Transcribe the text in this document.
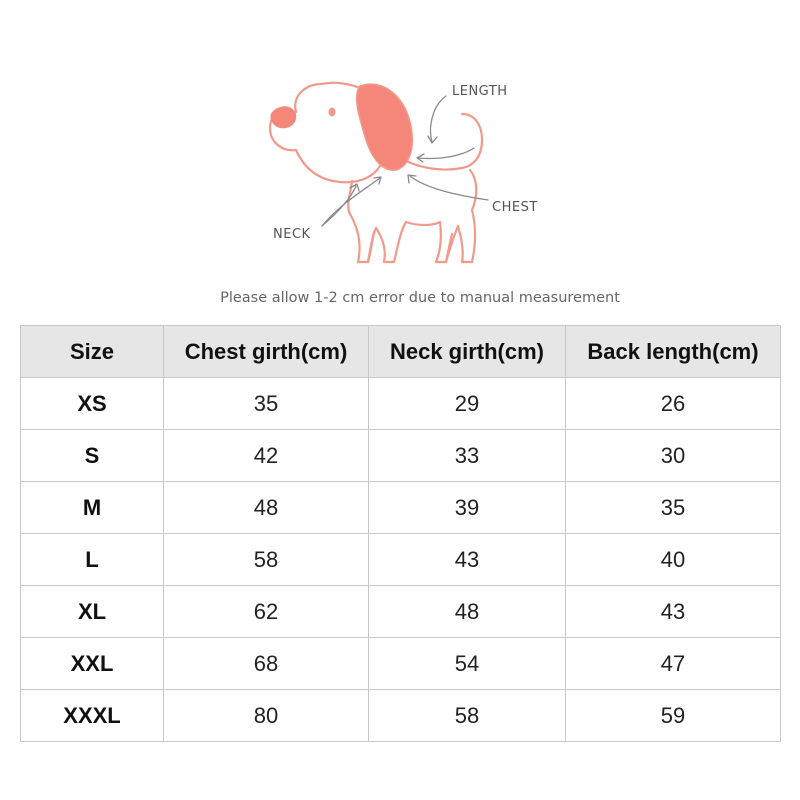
LENGTH
CHEST
NECK
Please allow 1-2 cm error due to manual measurement
Size	Chest girth(cm)	Neck girth(cm)	Back length(cm)
XS	35	29	26
S	42	33	30
M	48	39	35
L	58	43	40
XL	62	48	43
XXL	68	54	47
XXXL	80	58	59
